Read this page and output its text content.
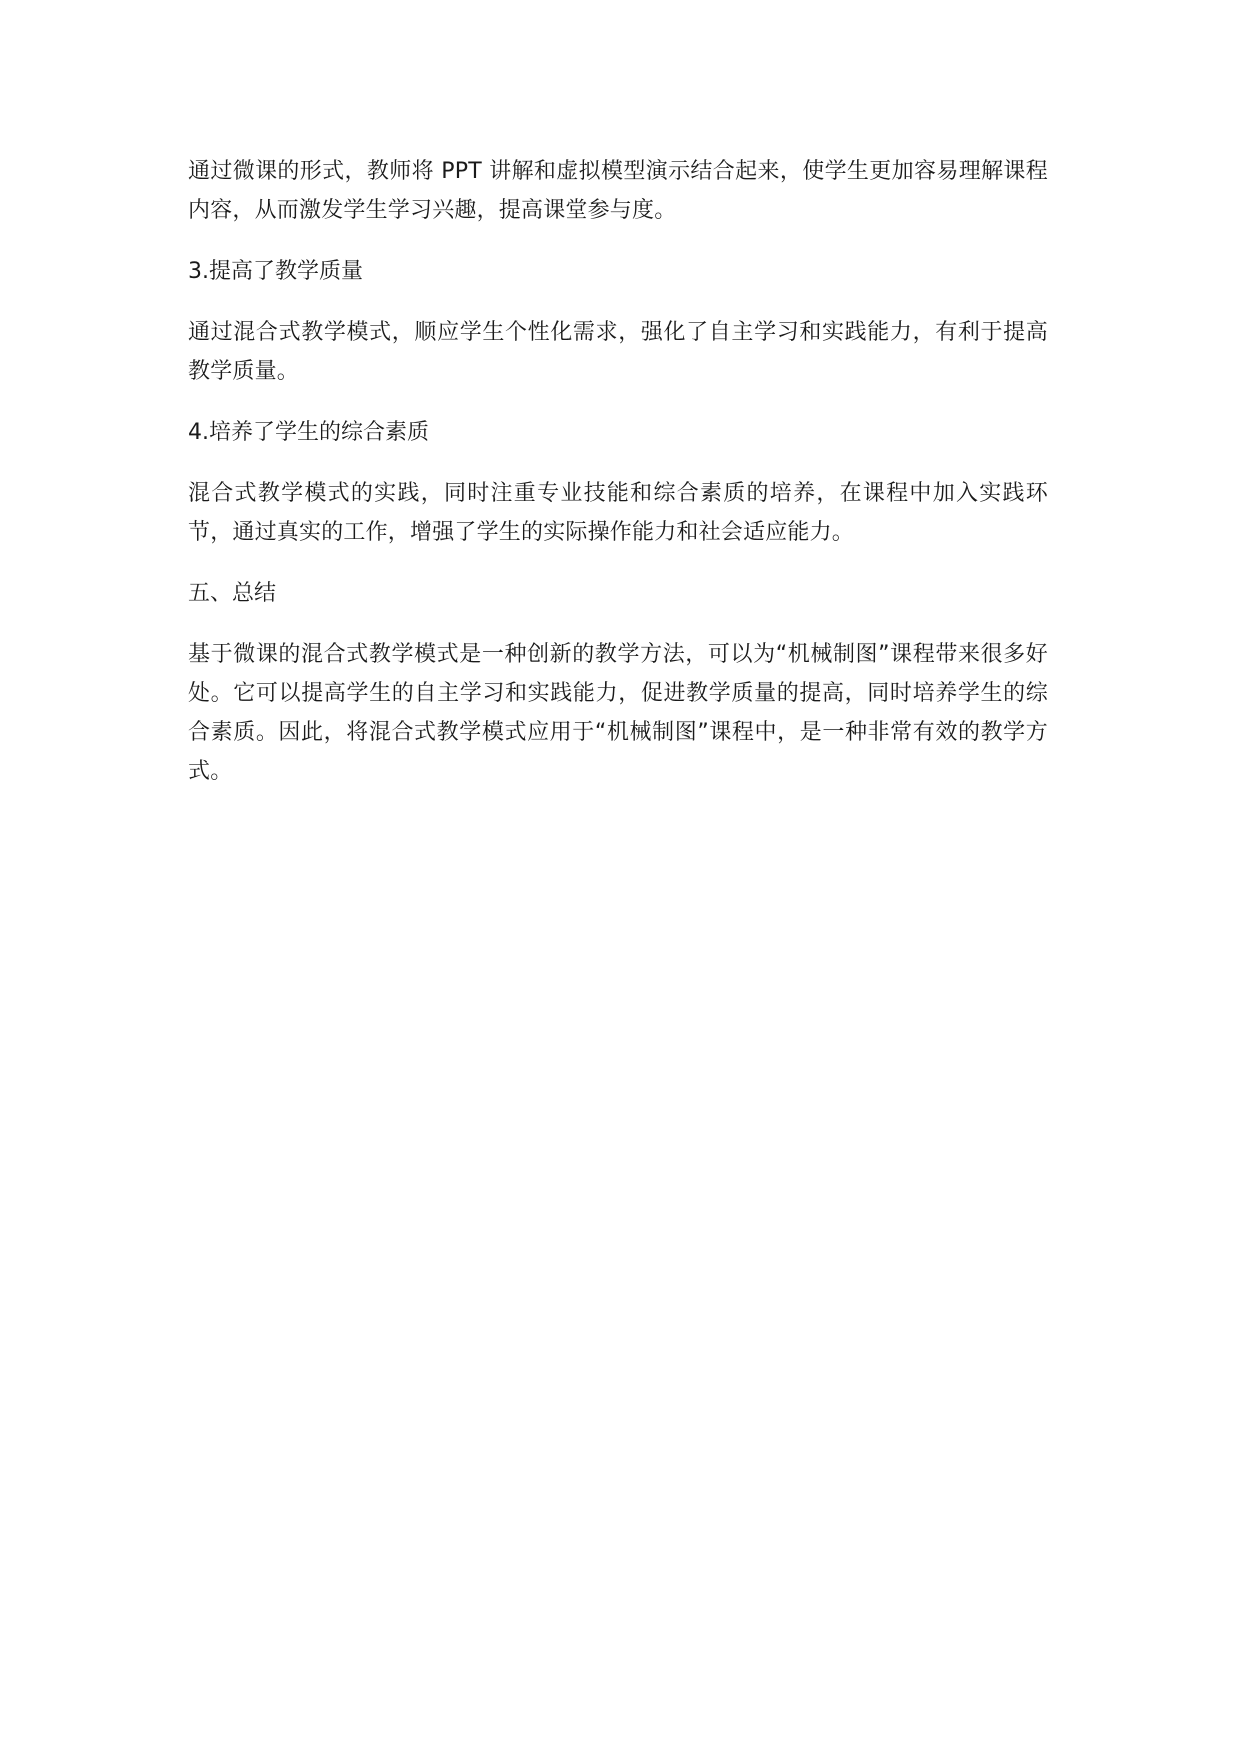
通过微课的形式，教师将 PPT 讲解和虚拟模型演示结合起来，使学生更加容易理解课程内容，从而激发学生学习兴趣，提高课堂参与度。

3.提高了教学质量

通过混合式教学模式，顺应学生个性化需求，强化了自主学习和实践能力，有利于提高教学质量。

4.培养了学生的综合素质

混合式教学模式的实践，同时注重专业技能和综合素质的培养，在课程中加入实践环节，通过真实的工作，增强了学生的实际操作能力和社会适应能力。

五、总结

基于微课的混合式教学模式是一种创新的教学方法，可以为“机械制图”课程带来很多好处。它可以提高学生的自主学习和实践能力，促进教学质量的提高，同时培养学生的综合素质。因此，将混合式教学模式应用于“机械制图”课程中，是一种非常有效的教学方式。
